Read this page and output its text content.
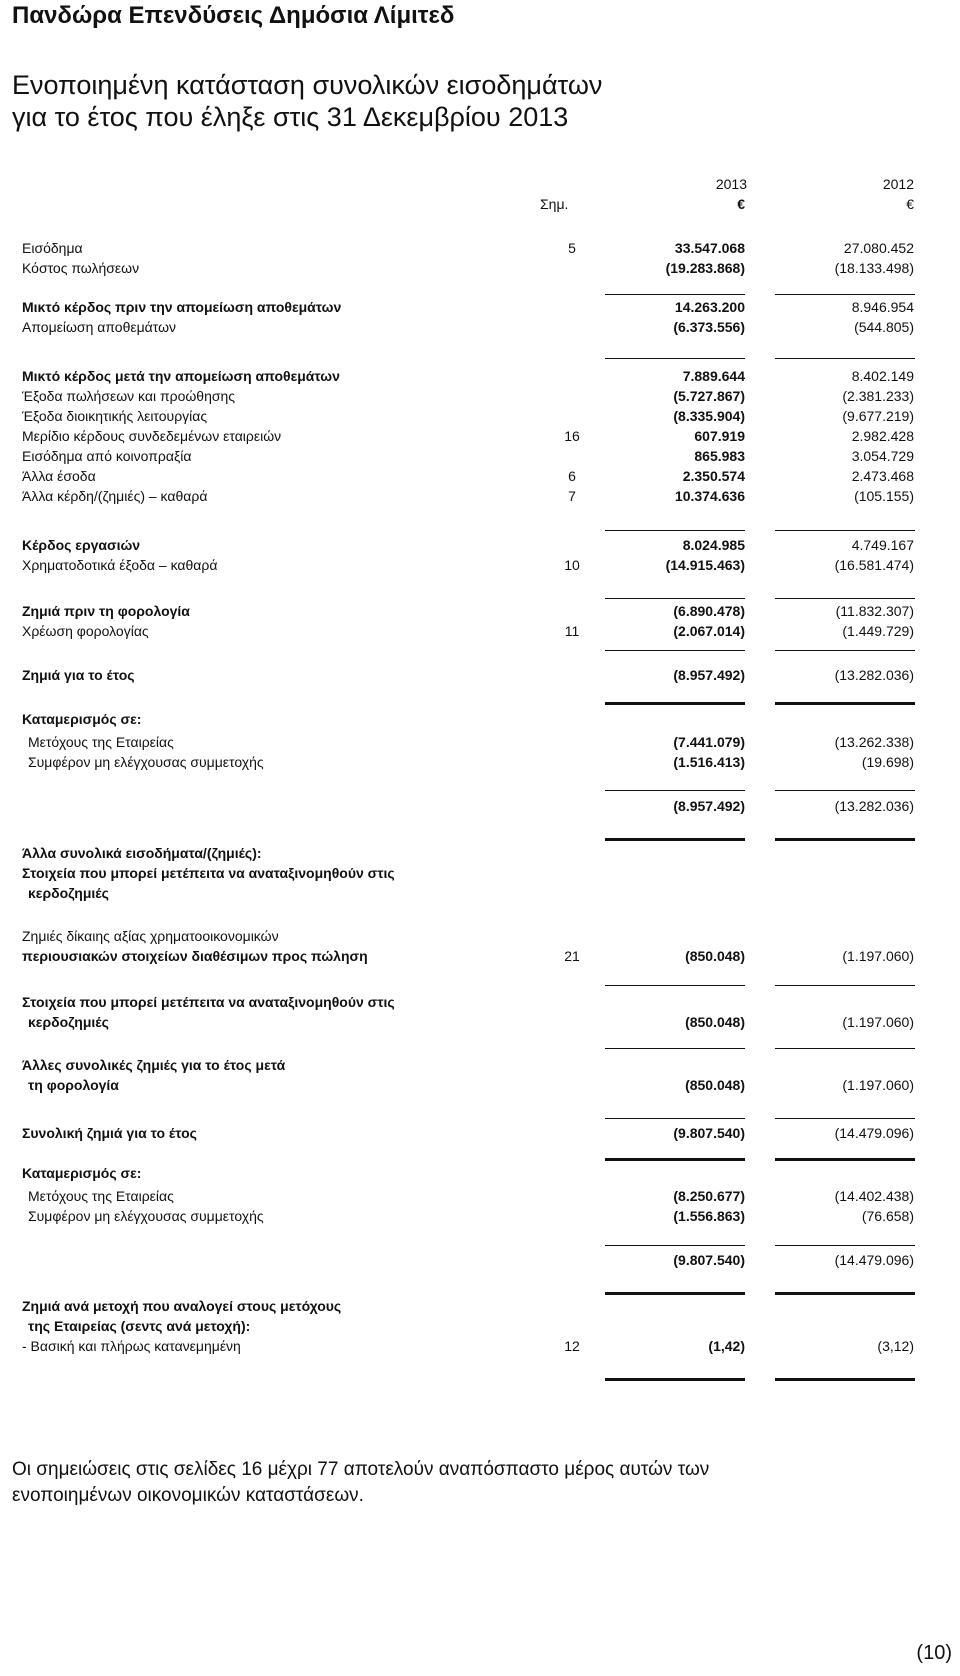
Πανδώρα Επενδύσεις Δημόσια Λίμιτεδ
Ενοποιημένη κατάσταση συνολικών εισοδημάτων
για το έτος που έληξε στις 31 Δεκεμβρίου 2013
2013	2012
Σημ.	€	€
Εισόδημα	5	33.547.068	27.080.452
Κόστος πωλήσεων	(19.283.868)	(18.133.498)
Μικτό κέρδος πριν την απομείωση αποθεμάτων	14.263.200	8.946.954
Απομείωση αποθεμάτων	(6.373.556)	(544.805)
Μικτό κέρδος μετά την απομείωση αποθεμάτων	7.889.644	8.402.149
Έξοδα πωλήσεων και προώθησης	(5.727.867)	(2.381.233)
Έξοδα διοικητικής λειτουργίας	(8.335.904)	(9.677.219)
Μερίδιο κέρδους συνδεδεμένων εταιρειών	16	607.919	2.982.428
Εισόδημα από κοινοπραξία	865.983	3.054.729
Άλλα έσοδα	6	2.350.574	2.473.468
Άλλα κέρδη/(ζημιές) – καθαρά	7	10.374.636	(105.155)
Κέρδος εργασιών	8.024.985	4.749.167
Χρηματοδοτικά έξοδα – καθαρά	10	(14.915.463)	(16.581.474)
Ζημιά πριν τη φορολογία	(6.890.478)	(11.832.307)
Χρέωση φορολογίας	11	(2.067.014)	(1.449.729)
Ζημιά για το έτος	(8.957.492)	(13.282.036)
Καταμερισμός σε:
Μετόχους της Εταιρείας	(7.441.079)	(13.262.338)
Συμφέρον μη ελέγχουσας συμμετοχής	(1.516.413)	(19.698)
(8.957.492)	(13.282.036)
Άλλα συνολικά εισοδήματα/(ζημιές):
Στοιχεία που μπορεί μετέπειτα να αναταξινομηθούν στις
κερδοζημιές
Ζημιές δίκαιης αξίας χρηματοοικονομικών
περιουσιακών στοιχείων διαθέσιμων προς πώληση	21	(850.048)	(1.197.060)
Στοιχεία που μπορεί μετέπειτα να αναταξινομηθούν στις
κερδοζημιές	(850.048)	(1.197.060)
Άλλες συνολικές ζημιές για το έτος μετά
τη φορολογία	(850.048)	(1.197.060)
Συνολική ζημιά για το έτος	(9.807.540)	(14.479.096)
Καταμερισμός σε:
Μετόχους της Εταιρείας	(8.250.677)	(14.402.438)
Συμφέρον μη ελέγχουσας συμμετοχής	(1.556.863)	(76.658)
(9.807.540)	(14.479.096)
Ζημιά ανά μετοχή που αναλογεί στους μετόχους
της Εταιρείας (σεντς ανά μετοχή):
- Βασική και πλήρως κατανεμημένη	12	(1,42)	(3,12)
Οι σημειώσεις στις σελίδες 16 μέχρι 77 αποτελούν αναπόσπαστο μέρος αυτών των
ενοποιημένων οικονομικών καταστάσεων.
(10)
